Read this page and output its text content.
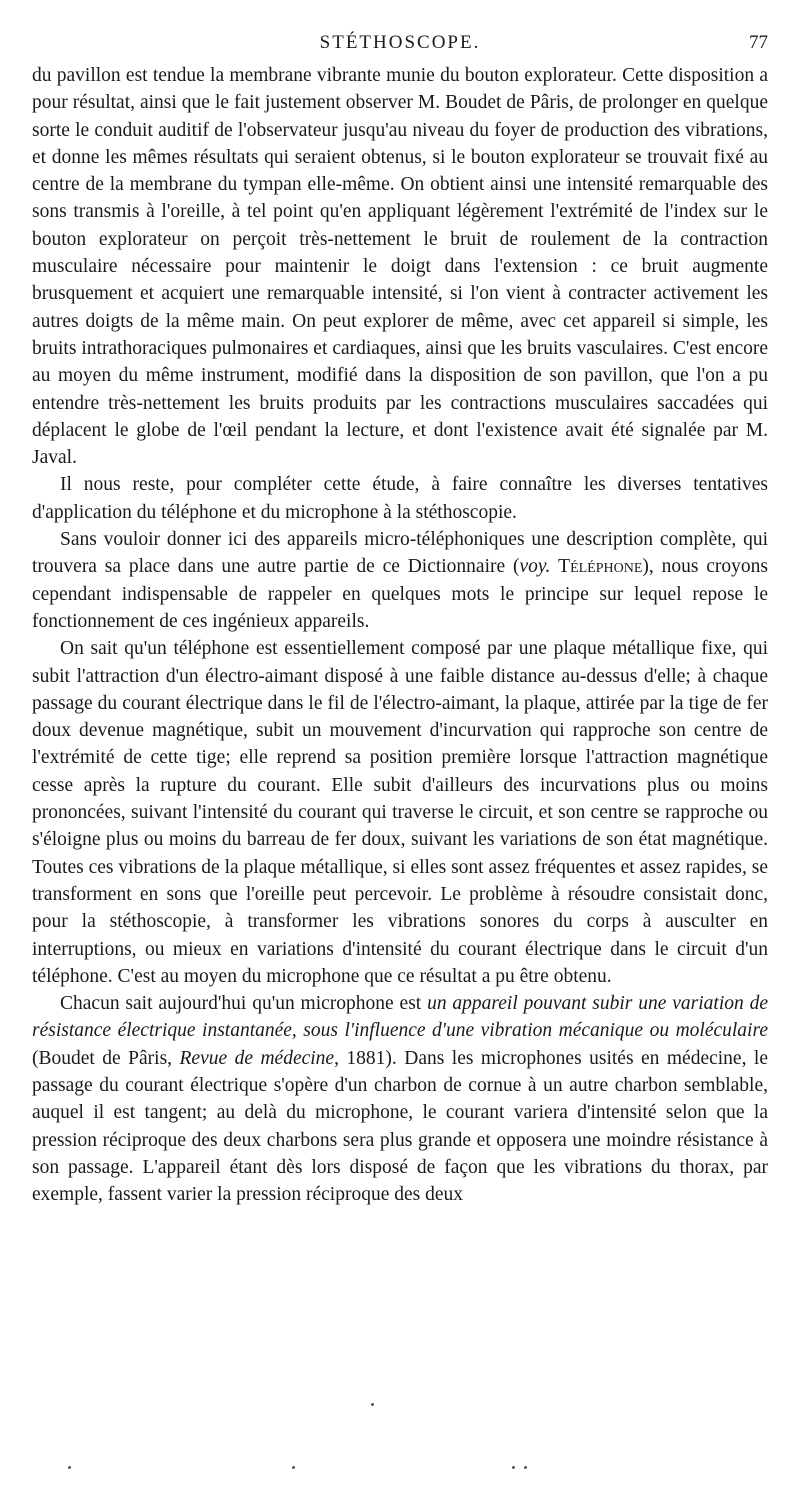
STÉTHOSCOPE.	77

du pavillon est tendue la membrane vibrante munie du bouton explorateur. Cette disposition a pour résultat, ainsi que le fait justement observer M. Boudet de Pâris, de prolonger en quelque sorte le conduit auditif de l'observateur jusqu'au niveau du foyer de production des vibrations, et donne les mêmes résultats qui seraient obtenus, si le bouton explorateur se trouvait fixé au centre de la membrane du tympan elle-même. On obtient ainsi une intensité remarquable des sons transmis à l'oreille, à tel point qu'en appliquant légèrement l'extrémité de l'index sur le bouton explorateur on perçoit très-nettement le bruit de roulement de la contraction musculaire nécessaire pour maintenir le doigt dans l'extension : ce bruit augmente brusquement et acquiert une remarquable intensité, si l'on vient à contracter activement les autres doigts de la même main. On peut explorer de même, avec cet appareil si simple, les bruits intrathoraciques pulmonaires et cardiaques, ainsi que les bruits vasculaires. C'est encore au moyen du même instrument, modifié dans la disposition de son pavillon, que l'on a pu entendre très-nettement les bruits produits par les contractions musculaires saccadées qui déplacent le globe de l'œil pendant la lecture, et dont l'existence avait été signalée par M. Javal.

Il nous reste, pour compléter cette étude, à faire connaître les diverses tentatives d'application du téléphone et du microphone à la stéthoscopie.

Sans vouloir donner ici des appareils micro-téléphoniques une description complète, qui trouvera sa place dans une autre partie de ce Dictionnaire (voy. Téléphone), nous croyons cependant indispensable de rappeler en quelques mots le principe sur lequel repose le fonctionnement de ces ingénieux appareils.

On sait qu'un téléphone est essentiellement composé par une plaque métallique fixe, qui subit l'attraction d'un électro-aimant disposé à une faible distance au-dessus d'elle; à chaque passage du courant électrique dans le fil de l'électro-aimant, la plaque, attirée par la tige de fer doux devenue magnétique, subit un mouvement d'incurvation qui rapproche son centre de l'extrémité de cette tige; elle reprend sa position première lorsque l'attraction magnétique cesse après la rupture du courant. Elle subit d'ailleurs des incurvations plus ou moins prononcées, suivant l'intensité du courant qui traverse le circuit, et son centre se rapproche ou s'éloigne plus ou moins du barreau de fer doux, suivant les variations de son état magnétique. Toutes ces vibrations de la plaque métallique, si elles sont assez fréquentes et assez rapides, se transforment en sons que l'oreille peut percevoir. Le problème à résoudre consistait donc, pour la stéthoscopie, à transformer les vibrations sonores du corps à ausculter en interruptions, ou mieux en variations d'intensité du courant électrique dans le circuit d'un téléphone. C'est au moyen du microphone que ce résultat a pu être obtenu.

Chacun sait aujourd'hui qu'un microphone est un appareil pouvant subir une variation de résistance électrique instantanée, sous l'influence d'une vibration mécanique ou moléculaire (Boudet de Pâris, Revue de médecine, 1881). Dans les microphones usités en médecine, le passage du courant électrique s'opère d'un charbon de cornue à un autre charbon semblable, auquel il est tangent; au delà du microphone, le courant variera d'intensité selon que la pression réciproque des deux charbons sera plus grande et opposera une moindre résistance à son passage. L'appareil étant dès lors disposé de façon que les vibrations du thorax, par exemple, fassent varier la pression réciproque des deux
